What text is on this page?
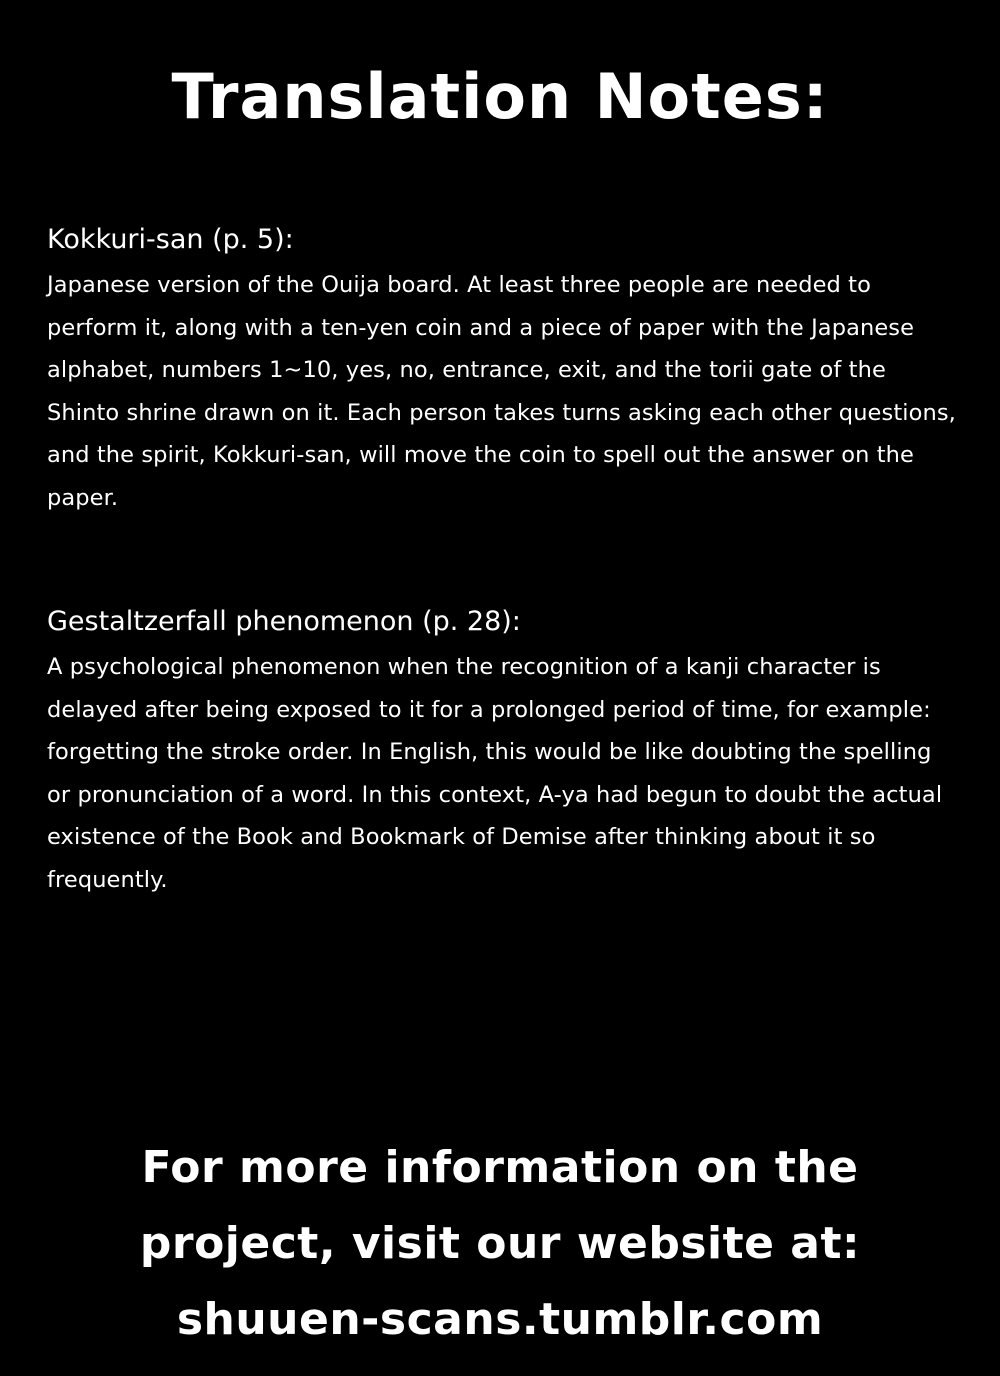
Translation Notes:
Kokkuri-san (p. 5):

Japanese version of the Ouija board. At least three people are needed to perform it, along with a ten-yen coin and a piece of paper with the Japanese alphabet, numbers 1~10, yes, no, entrance, exit, and the torii gate of the Shinto shrine drawn on it. Each person takes turns asking each other questions, and the spirit, Kokkuri-san, will move the coin to spell out the answer on the paper.

Gestaltzerfall phenomenon (p. 28):

A psychological phenomenon when the recognition of a kanji character is delayed after being exposed to it for a prolonged period of time, for example: forgetting the stroke order. In English, this would be like doubting the spelling or pronunciation of a word. In this context, A-ya had begun to doubt the actual existence of the Book and Bookmark of Demise after thinking about it so frequently.

For more information on the

project, visit our website at:

shuuen-scans.tumblr.com
